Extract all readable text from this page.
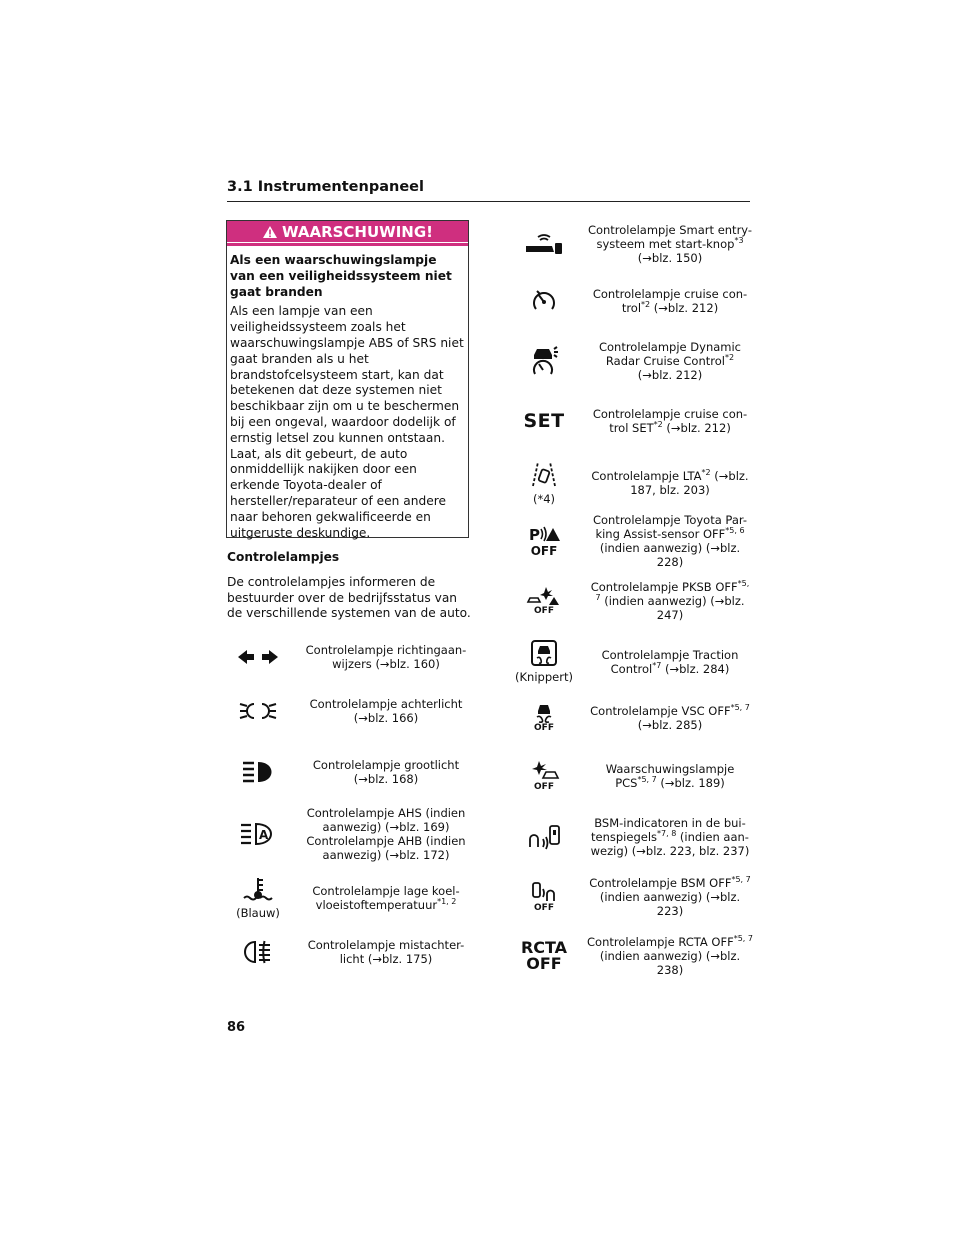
3.1 Instrumentenpaneel
WAARSCHUWING!
Als een waarschuwingslampje van een veiligheidssysteem niet gaat branden
Als een lampje van een veiligheidssysteem zoals het waarschuwingslampje ABS of SRS niet gaat branden als u het brandstofcelsysteem start, kan dat betekenen dat deze systemen niet beschikbaar zijn om u te beschermen bij een ongeval, waardoor dodelijk of ernstig letsel zou kunnen ontstaan. Laat, als dit gebeurt, de auto onmiddellijk nakijken door een erkende Toyota-dealer of hersteller/reparateur of een andere naar behoren gekwalificeerde en uitgeruste deskundige.
Controlelampjes
De controlelampjes informeren de bestuurder over de bedrijfsstatus van de verschillende systemen van de auto.
Controlelampje richtingaan-wijzers (→blz. 160)
Controlelampje achterlicht (→blz. 166)
Controlelampje grootlicht (→blz. 168)
A
Controlelampje AHS (indien aanwezig) (→blz. 169) Controlelampje AHB (indien aanwezig) (→blz. 172)
(Blauw)
Controlelampje lage koel-vloeistoftemperatuur$^{*1, 2}$
Controlelampje mistachter-licht (→blz. 175)
Controlelampje Smart entry-systeem met start-knop$^{*3}$ (→blz. 150)
Controlelampje cruise con-trol$^{*2}$ (→blz. 212)
Controlelampje Dynamic Radar Cruise Control$^{*2}$ (→blz. 212)
SET	Controlelampje cruise con-trol SET$^{*2}$ (→blz. 212)
(*4)
Controlelampje LTA$^{*2}$ (→blz. 187, blz. 203)
P
OFF
Controlelampje Toyota Par-king Assist-sensor OFF$^{*5, 6}$ (indien aanwezig) (→blz. 228)
OFF
Controlelampje PKSB OFF$^{*5, 7}$ (indien aanwezig) (→blz. 247)
(Knippert)
Controlelampje Traction Control$^{*7}$ (→blz. 284)
OFF
Controlelampje VSC OFF$^{*5, 7}$ (→blz. 285)
OFF
Waarschuwingslampje PCS$^{*5, 7}$ (→blz. 189)
BSM-indicatoren in de bui-tenspiegels$^{*7, 8}$ (indien aan-wezig) (→blz. 223, blz. 237)
OFF
Controlelampje BSM OFF$^{*5, 7}$ (indien aanwezig) (→blz. 223)
RCTA OFF
Controlelampje RCTA OFF$^{*5, 7}$ (indien aanwezig) (→blz. 238)
86
